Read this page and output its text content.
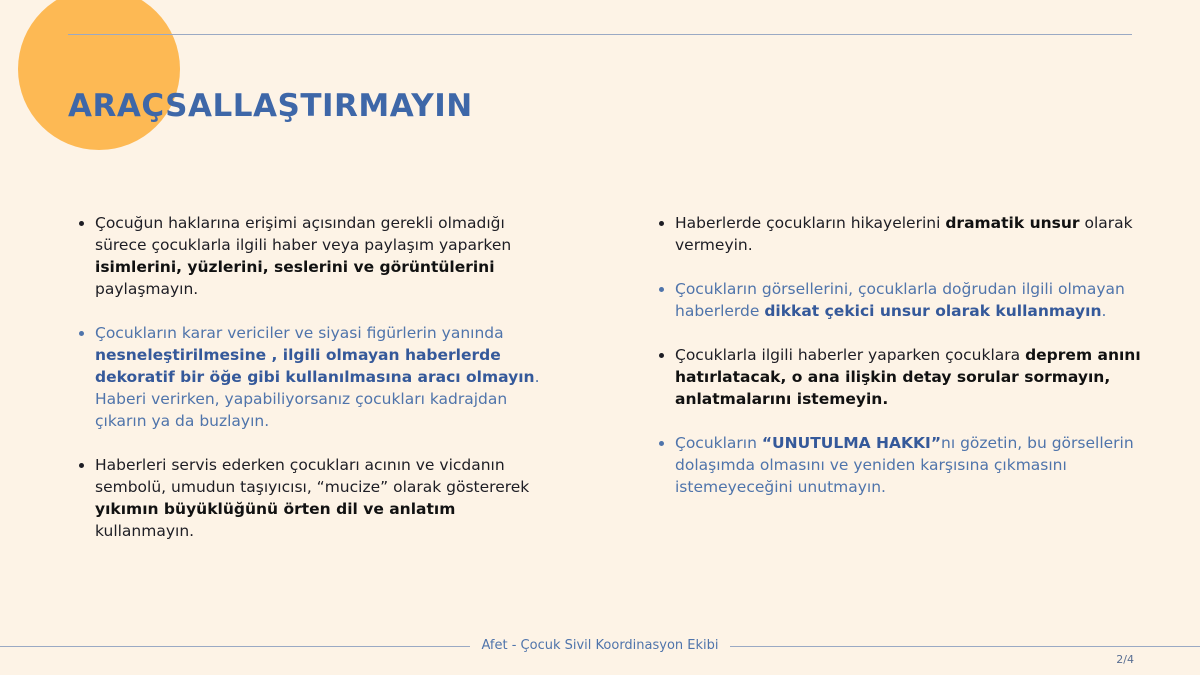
ARAÇSALLAŞTIRMAYIN
Çocuğun haklarına erişimi açısından gerekli olmadığı sürece çocuklarla ilgili haber veya paylaşım yaparken isimlerini, yüzlerini, seslerini ve görüntülerini paylaşmayın.
Çocukların karar vericiler ve siyasi figürlerin yanında nesneleştirilmesine , ilgili olmayan haberlerde dekoratif bir öğe gibi kullanılmasına aracı olmayın. Haberi verirken, yapabiliyorsanız çocukları kadrajdan çıkarın ya da buzlayın.
Haberleri servis ederken çocukları acının ve vicdanın sembolü, umudun taşıyıcısı, “mucize” olarak göstererek yıkımın büyüklüğünü örten dil ve anlatım kullanmayın.
Haberlerde çocukların hikayelerini dramatik unsur olarak vermeyin.
Çocukların görsellerini, çocuklarla doğrudan ilgili olmayan haberlerde dikkat çekici unsur olarak kullanmayın.
Çocuklarla ilgili haberler yaparken çocuklara deprem anını hatırlatacak, o ana ilişkin detay sorular sormayın, anlatmalarını istemeyin.
Çocukların “UNUTULMA HAKKI”nı gözetin, bu görsellerin dolaşımda olmasını ve yeniden karşısına çıkmasını istemeyeceğini unutmayın.
Afet - Çocuk Sivil Koordinasyon Ekibi
2/4
